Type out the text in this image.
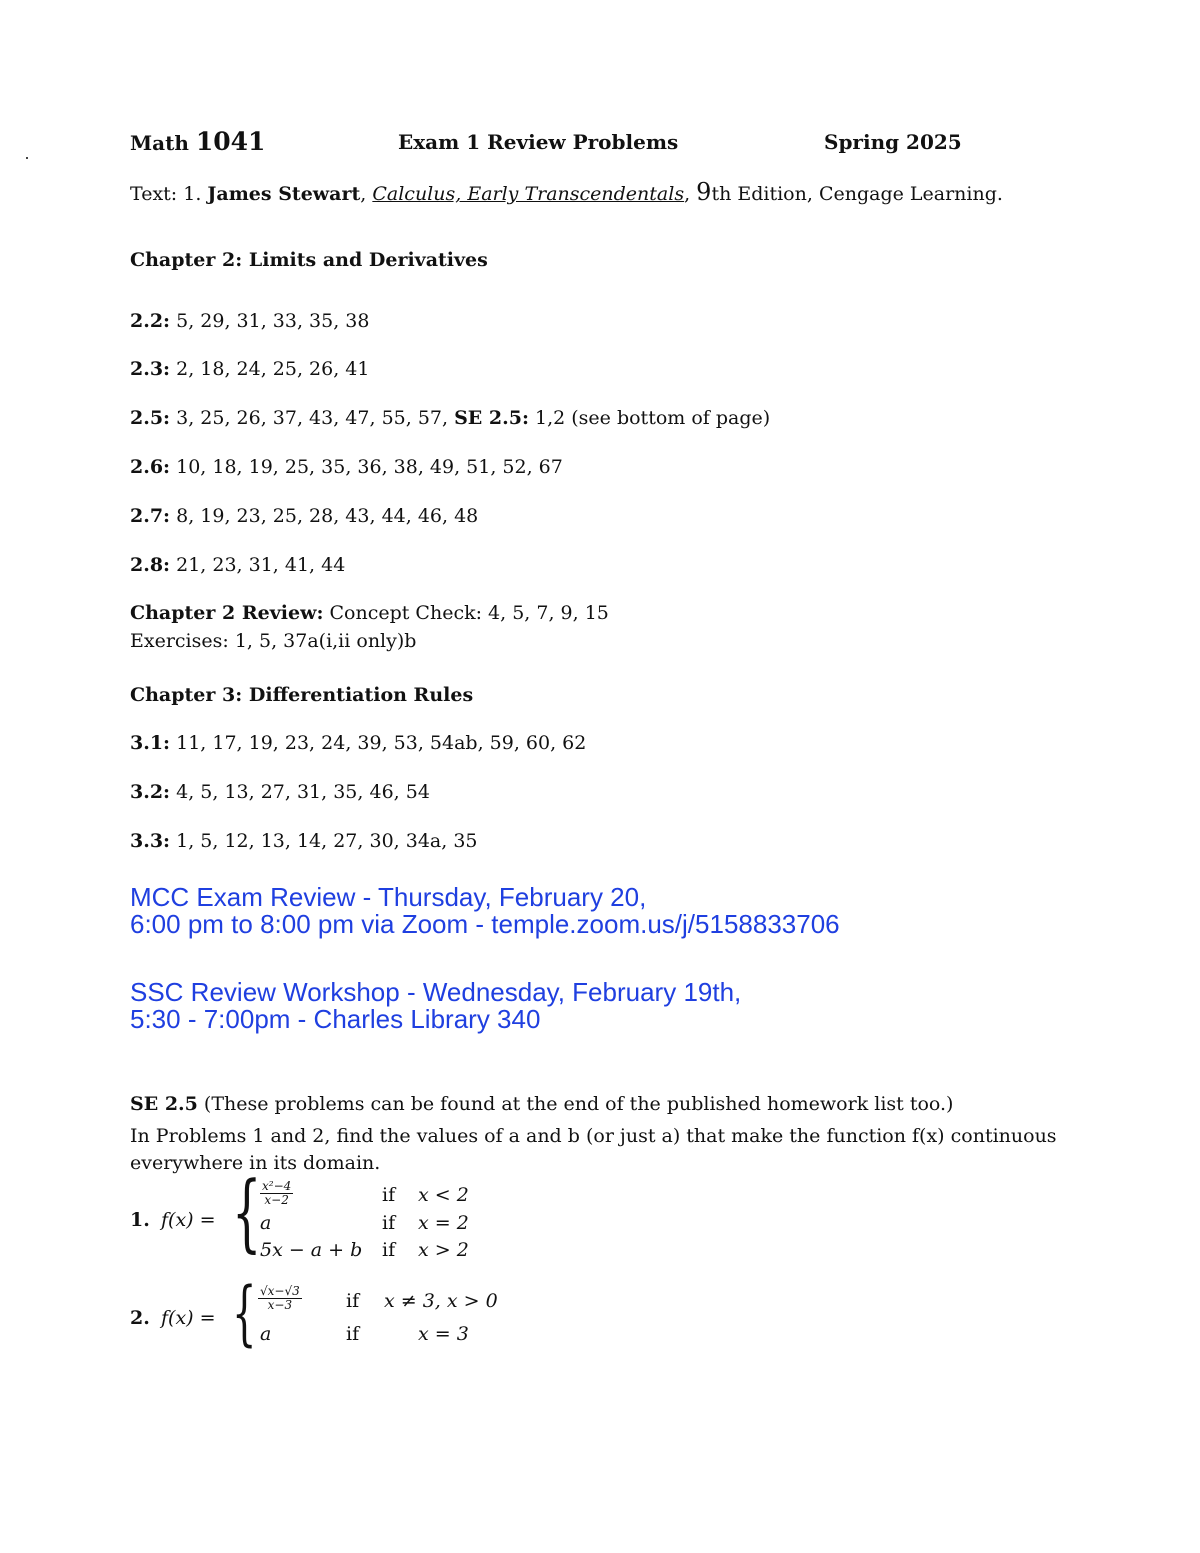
Math 1041	Exam 1 Review Problems	Spring 2025
Text: 1. James Stewart, Calculus, Early Transcendentals, 9th Edition, Cengage Learning.
Chapter 2: Limits and Derivatives
2.2: 5, 29, 31, 33, 35, 38
2.3: 2, 18, 24, 25, 26, 41
2.5: 3, 25, 26, 37, 43, 47, 55, 57, SE 2.5: 1,2 (see bottom of page)
2.6: 10, 18, 19, 25, 35, 36, 38, 49, 51, 52, 67
2.7: 8, 19, 23, 25, 28, 43, 44, 46, 48
2.8: 21, 23, 31, 41, 44
Chapter 2 Review: Concept Check: 4, 5, 7, 9, 15
Exercises: 1, 5, 37a(i,ii only)b
Chapter 3: Differentiation Rules
3.1: 11, 17, 19, 23, 24, 39, 53, 54ab, 59, 60, 62
3.2: 4, 5, 13, 27, 31, 35, 46, 54
3.3: 1, 5, 12, 13, 14, 27, 30, 34a, 35
MCC Exam Review - Thursday, February 20,
6:00 pm to 8:00 pm via Zoom - temple.zoom.us/j/5158833706
SSC Review Workshop - Wednesday, February 19th,
5:30 - 7:00pm - Charles Library 340
SE 2.5 (These problems can be found at the end of the published homework list too.)
In Problems 1 and 2, find the values of a and b (or just a) that make the function f(x) continuous
everywhere in its domain.
1. f(x) = {
$\frac{\text{x²−4}}{x-2}$	if x < 2
a	if x = 2
5x − a + b if x > 2
2. f(x) = { $\frac{√x-√3}{x-3}$ if x ≠ 3, x > 0
a	if	x = 3
